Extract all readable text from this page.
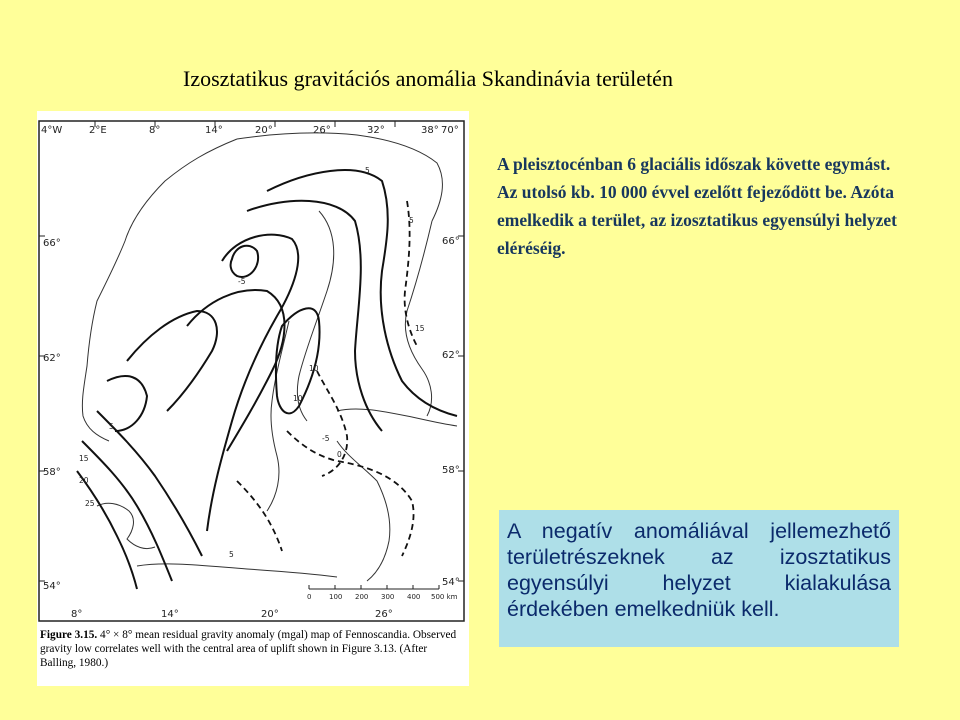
Izosztatikus gravitációs anomália Skandinávia területén
4°W	2°E	8°	14°	20°	26°	32°	38° 70°
66°
62°
58°
54°
66°
62°
58°
54°
8°	14°	20°	26°
5
-5
5
15
10
10
-5
0
15
5
20
25
5
0	100 200 300 400 500 km
Figure 3.15. 4° × 8° mean residual gravity anomaly (mgal) map of Fennoscandia. Observed gravity low correlates well with the central area of uplift shown in Figure 3.13. (After Balling, 1980.)
A pleisztocénban 6 glaciális időszak követte egymást. Az utolsó kb. 10 000 évvel ezelőtt fejeződött be. Azóta emelkedik a terület, az izosztatikus egyensúlyi helyzet eléréséig.

A negatív anomáliával jellemezhető területrészeknek az izosztatikus egyensúlyi helyzet kialakulása érdekében emelkedniük kell.
